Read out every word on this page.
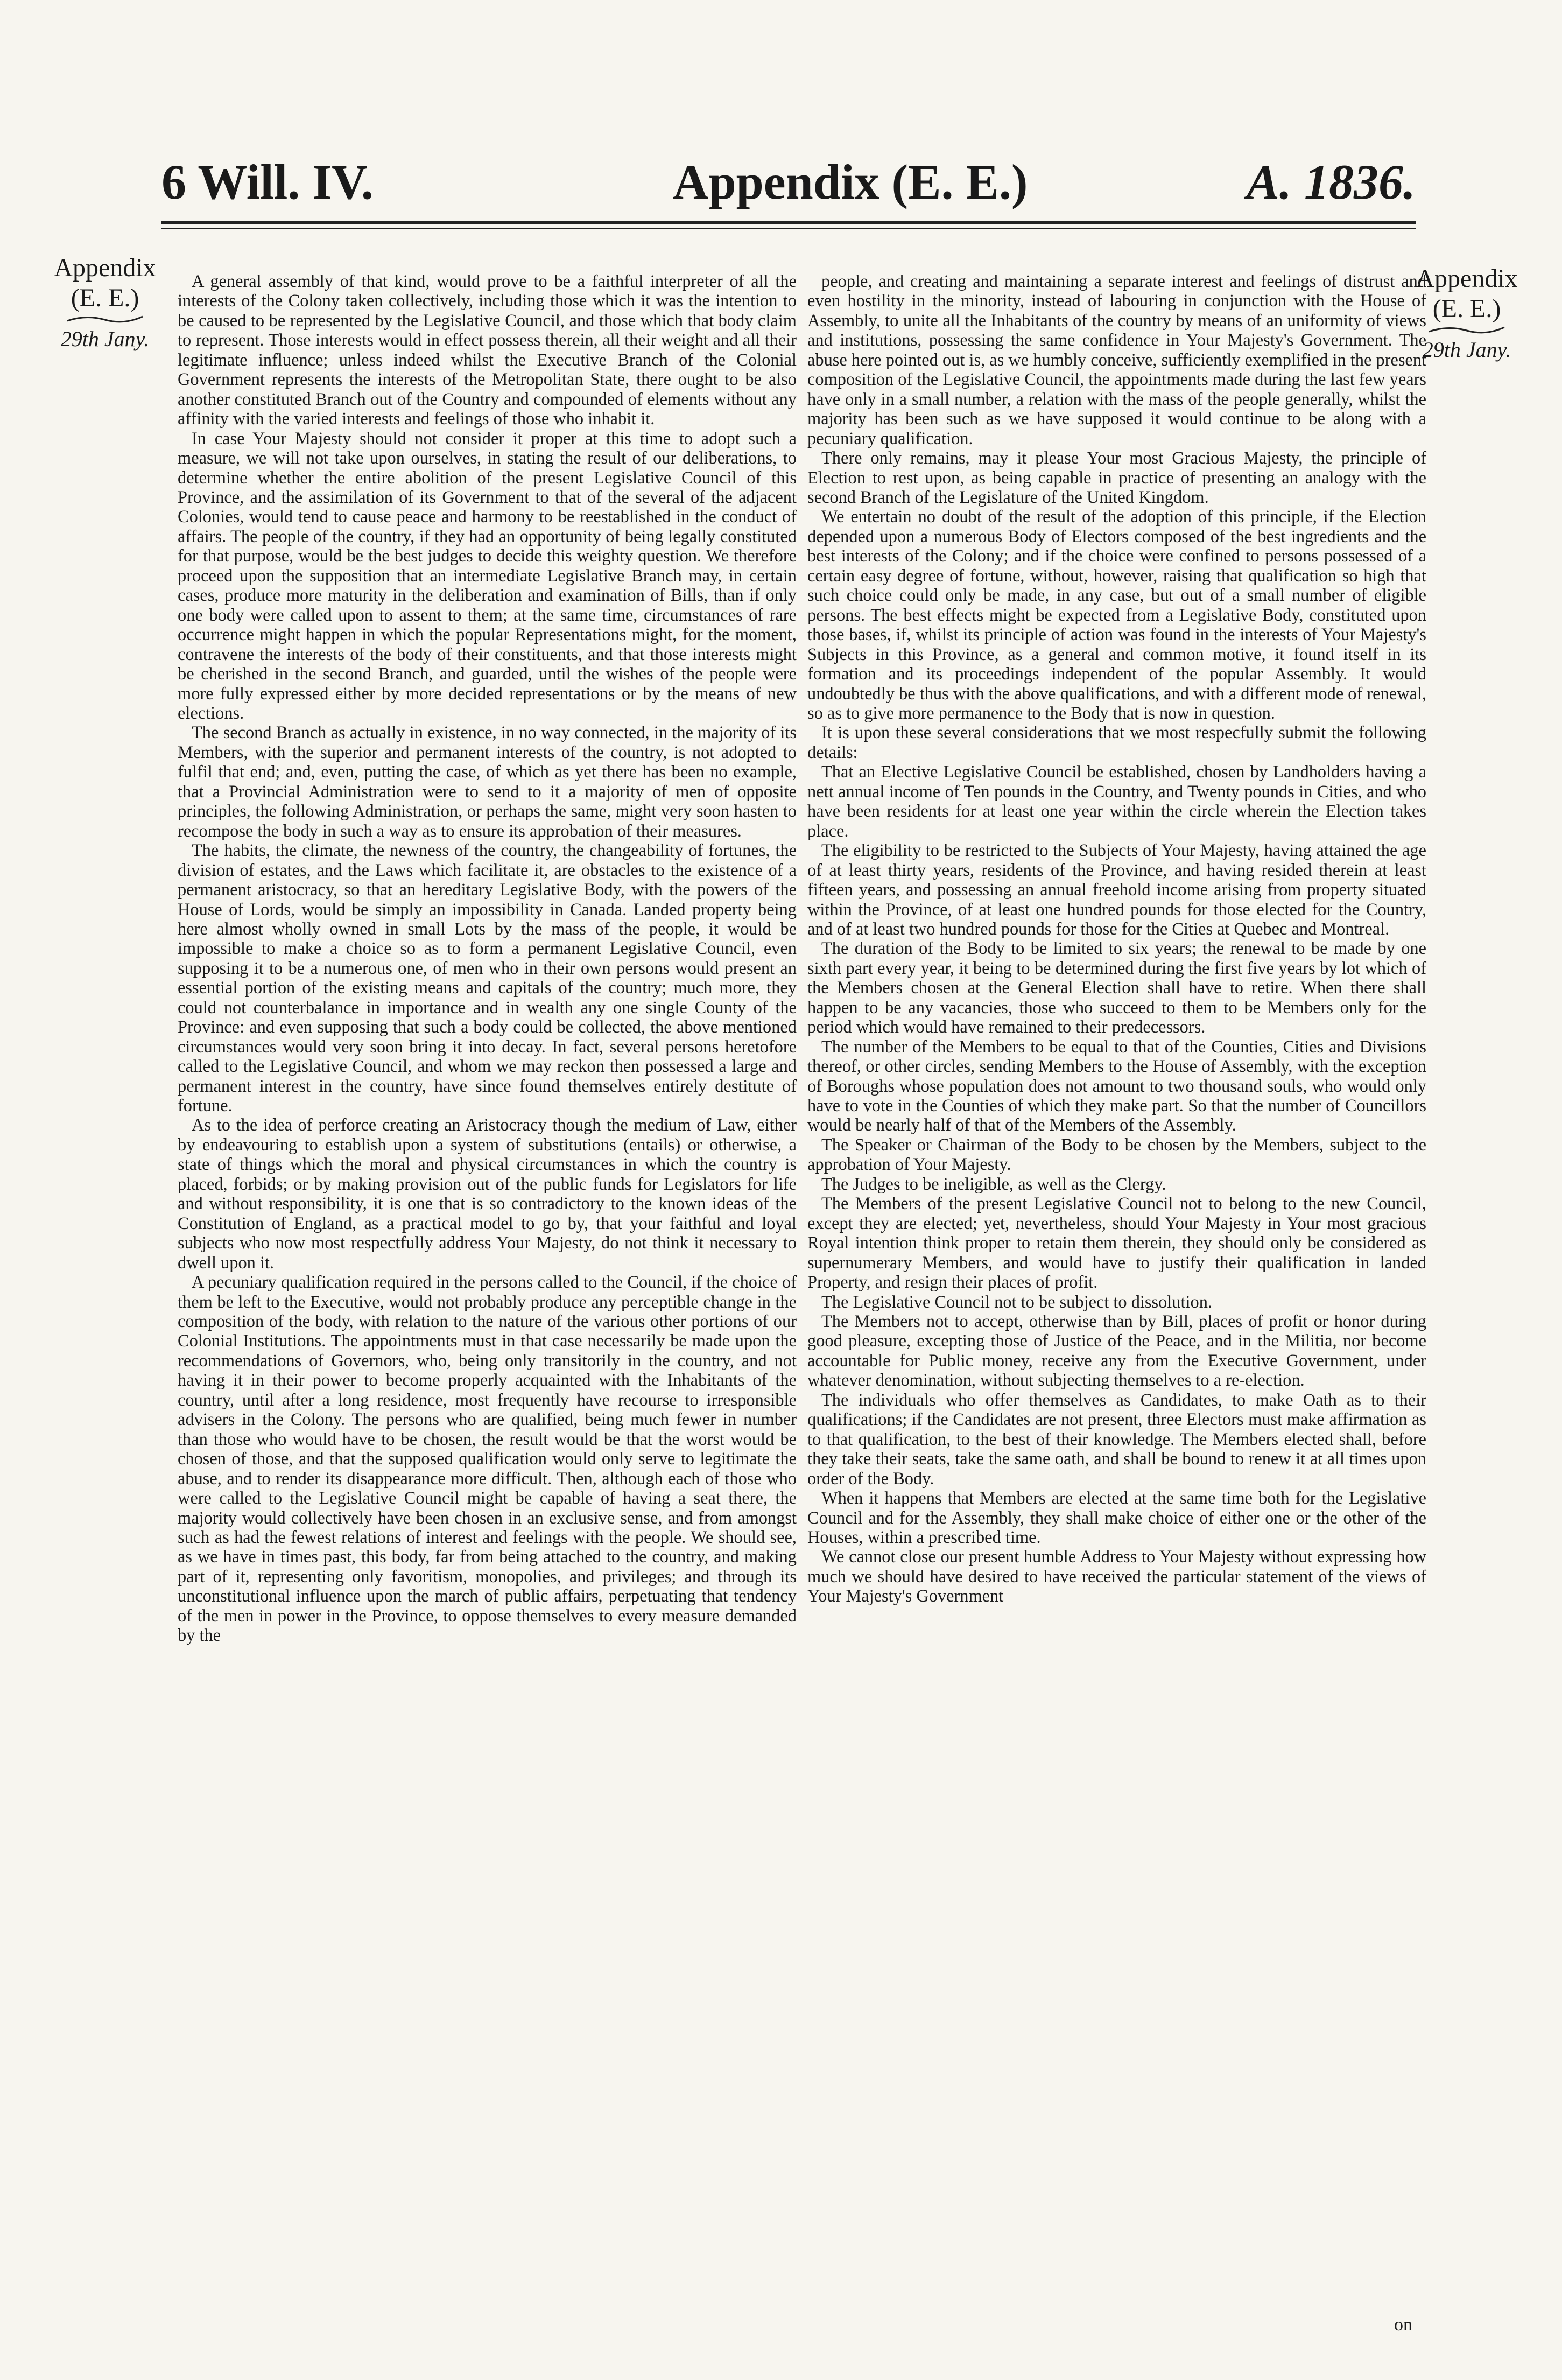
6 Will. IV.	Appendix (E. E.)	A. 1836.
Appendix
(E. E.)
29th Jany.
Appendix
(E. E.)
29th Jany.

A general assembly of that kind, would prove to be a faithful interpreter of all the interests of the Colony taken collectively, including those which it was the intention to be caused to be represented by the Legislative Council, and those which that body claim to represent. Those interests would in effect possess therein, all their weight and all their legitimate influence; unless indeed whilst the Executive Branch of the Colonial Government represents the interests of the Metropolitan State, there ought to be also another constituted Branch out of the Country and compounded of elements without any affinity with the varied interests and feelings of those who inhabit it.

In case Your Majesty should not consider it proper at this time to adopt such a measure, we will not take upon ourselves, in stating the result of our deliberations, to determine whether the entire abolition of the present Legislative Council of this Province, and the assimilation of its Government to that of the several of the adjacent Colonies, would tend to cause peace and harmony to be reestablished in the conduct of affairs. The people of the country, if they had an opportunity of being legally constituted for that purpose, would be the best judges to decide this weighty question. We therefore proceed upon the supposition that an intermediate Legislative Branch may, in certain cases, produce more maturity in the deliberation and examination of Bills, than if only one body were called upon to assent to them; at the same time, circumstances of rare occurrence might happen in which the popular Representations might, for the moment, contravene the interests of the body of their constituents, and that those interests might be cherished in the second Branch, and guarded, until the wishes of the people were more fully expressed either by more decided representations or by the means of new elections.

The second Branch as actually in existence, in no way connected, in the majority of its Members, with the superior and permanent interests of the country, is not adopted to fulfil that end; and, even, putting the case, of which as yet there has been no example, that a Provincial Administration were to send to it a majority of men of opposite principles, the following Administration, or perhaps the same, might very soon hasten to recompose the body in such a way as to ensure its approbation of their measures.

The habits, the climate, the newness of the country, the changeability of fortunes, the division of estates, and the Laws which facilitate it, are obstacles to the existence of a permanent aristocracy, so that an hereditary Legislative Body, with the powers of the House of Lords, would be simply an impossibility in Canada. Landed property being here almost wholly owned in small Lots by the mass of the people, it would be impossible to make a choice so as to form a permanent Legislative Council, even supposing it to be a numerous one, of men who in their own persons would present an essential portion of the existing means and capitals of the country; much more, they could not counterbalance in importance and in wealth any one single County of the Province: and even supposing that such a body could be collected, the above mentioned circumstances would very soon bring it into decay. In fact, several persons heretofore called to the Legislative Council, and whom we may reckon then possessed a large and permanent interest in the country, have since found themselves entirely destitute of fortune.

As to the idea of perforce creating an Aristocracy though the medium of Law, either by endeavouring to establish upon a system of substitutions (entails) or otherwise, a state of things which the moral and physical circumstances in which the country is placed, forbids; or by making provision out of the public funds for Legislators for life and without responsibility, it is one that is so contradictory to the known ideas of the Constitution of England, as a practical model to go by, that your faithful and loyal subjects who now most respectfully address Your Majesty, do not think it necessary to dwell upon it.

A pecuniary qualification required in the persons called to the Council, if the choice of them be left to the Executive, would not probably produce any perceptible change in the composition of the body, with relation to the nature of the various other portions of our Colonial Institutions. The appointments must in that case necessarily be made upon the recommendations of Governors, who, being only transitorily in the country, and not having it in their power to become properly acquainted with the Inhabitants of the country, until after a long residence, most frequently have recourse to irresponsible advisers in the Colony. The persons who are qualified, being much fewer in number than those who would have to be chosen, the result would be that the worst would be chosen of those, and that the supposed qualification would only serve to legitimate the abuse, and to render its disappearance more difficult. Then, although each of those who were called to the Legislative Council might be capable of having a seat there, the majority would collectively have been chosen in an exclusive sense, and from amongst such as had the fewest relations of interest and feelings with the people. We should see, as we have in times past, this body, far from being attached to the country, and making part of it, representing only favoritism, monopolies, and privileges; and through its unconstitutional influence upon the march of public affairs, perpetuating that tendency of the men in power in the Province, to oppose themselves to every measure demanded by the

people, and creating and maintaining a separate interest and feelings of distrust and even hostility in the minority, instead of labouring in conjunction with the House of Assembly, to unite all the Inhabitants of the country by means of an uniformity of views and institutions, possessing the same confidence in Your Majesty's Government. The abuse here pointed out is, as we humbly conceive, sufficiently exemplified in the present composition of the Legislative Council, the appointments made during the last few years have only in a small number, a relation with the mass of the people generally, whilst the majority has been such as we have supposed it would continue to be along with a pecuniary qualification.

There only remains, may it please Your most Gracious Majesty, the principle of Election to rest upon, as being capable in practice of presenting an analogy with the second Branch of the Legislature of the United Kingdom.

We entertain no doubt of the result of the adoption of this principle, if the Election depended upon a numerous Body of Electors composed of the best ingredients and the best interests of the Colony; and if the choice were confined to persons possessed of a certain easy degree of fortune, without, however, raising that qualification so high that such choice could only be made, in any case, but out of a small number of eligible persons. The best effects might be expected from a Legislative Body, constituted upon those bases, if, whilst its principle of action was found in the interests of Your Majesty's Subjects in this Province, as a general and common motive, it found itself in its formation and its proceedings independent of the popular Assembly. It would undoubtedly be thus with the above qualifications, and with a different mode of renewal, so as to give more permanence to the Body that is now in question.

It is upon these several considerations that we most respecfully submit the following details:

That an Elective Legislative Council be established, chosen by Landholders having a nett annual income of Ten pounds in the Country, and Twenty pounds in Cities, and who have been residents for at least one year within the circle wherein the Election takes place.

The eligibility to be restricted to the Subjects of Your Majesty, having attained the age of at least thirty years, residents of the Province, and having resided therein at least fifteen years, and possessing an annual freehold income arising from property situated within the Province, of at least one hundred pounds for those elected for the Country, and of at least two hundred pounds for those for the Cities at Quebec and Montreal.

The duration of the Body to be limited to six years; the renewal to be made by one sixth part every year, it being to be determined during the first five years by lot which of the Members chosen at the General Election shall have to retire. When there shall happen to be any vacancies, those who succeed to them to be Members only for the period which would have remained to their predecessors.

The number of the Members to be equal to that of the Counties, Cities and Divisions thereof, or other circles, sending Members to the House of Assembly, with the exception of Boroughs whose population does not amount to two thousand souls, who would only have to vote in the Counties of which they make part. So that the number of Councillors would be nearly half of that of the Members of the Assembly.

The Speaker or Chairman of the Body to be chosen by the Members, subject to the approbation of Your Majesty.

The Judges to be ineligible, as well as the Clergy.

The Members of the present Legislative Council not to belong to the new Council, except they are elected; yet, nevertheless, should Your Majesty in Your most gracious Royal intention think proper to retain them therein, they should only be considered as supernumerary Members, and would have to justify their qualification in landed Property, and resign their places of profit.

The Legislative Council not to be subject to dissolution.

The Members not to accept, otherwise than by Bill, places of profit or honor during good pleasure, excepting those of Justice of the Peace, and in the Militia, nor become accountable for Public money, receive any from the Executive Government, under whatever denomination, without subjecting themselves to a re-election.

The individuals who offer themselves as Candidates, to make Oath as to their qualifications; if the Candidates are not present, three Electors must make affirmation as to that qualification, to the best of their knowledge. The Members elected shall, before they take their seats, take the same oath, and shall be bound to renew it at all times upon order of the Body.

When it happens that Members are elected at the same time both for the Legislative Council and for the Assembly, they shall make choice of either one or the other of the Houses, within a prescribed time.

We cannot close our present humble Address to Your Majesty without expressing how much we should have desired to have received the particular statement of the views of Your Majesty's Government

on
